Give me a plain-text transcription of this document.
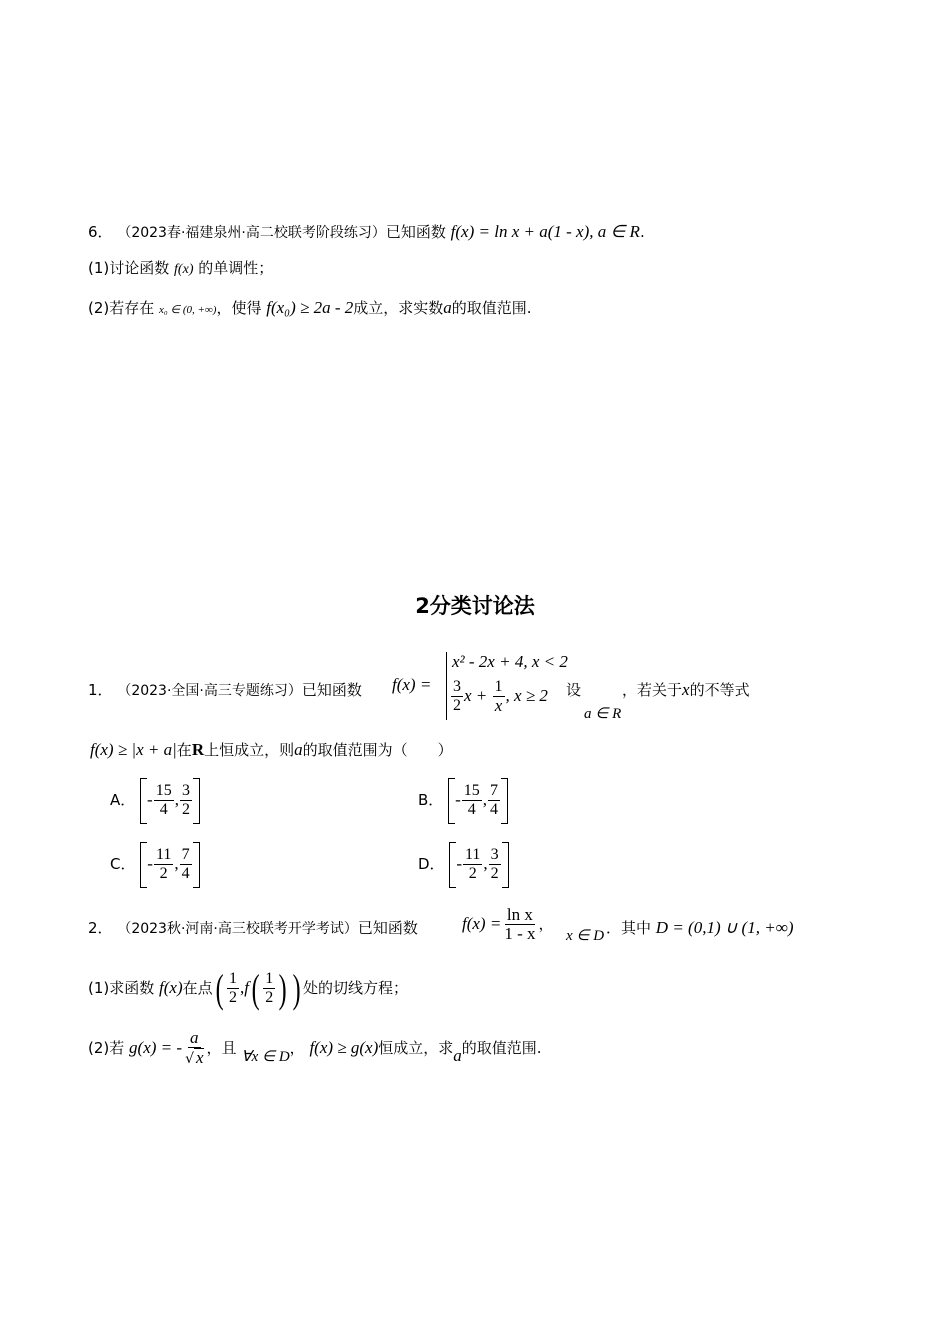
6． （2023春·福建泉州·高二校联考阶段练习）已知函数 f(x) = ln x + a(1 - x), a ∈ R.
(1)讨论函数 f(x) 的单调性；
(2)若存在 x₀ ∈ (0, +∞)，使得 f(x₀) ≥ 2a - 2成立，求实数a的取值范围.
2分类讨论法
1． （2023·全国·高三专题练习）已知函数 f(x) =
x² - 2x + 4, x < 2
$\frac{3}{2}$ $x + \frac{1}{x}$ , x ≥ 2 设
a ∈ R
，若关于x的不等式
f(x) ≥ |x + a|在R上恒成立，则a的取值范围为（　　）
A． - $\frac{15}{4}$ , $\frac{3}{2}$	B． - $\frac{15}{4}$ , $\frac{7}{4}$
C． - $\frac{11}{2}$ , $\frac{7}{4}$	D． - $\frac{11}{2}$ , $\frac{3}{2}$
2． （2023秋·河南·高三校联考开学考试）已知函数	$f(x) = \frac{\text{ln x}}{1 - x}$ ，
x ∈ D ．其中 D = (0,1) ∪ (1, +∞)
(1)求函数 f(x)在点( $\frac{1}{2} ,f( \frac{1}{2}$ ) ) 处的切线方程；
(2)若 g(x) = - $\frac{a}{√ x}$ ，且 ∀x ∈ D， f(x) ≥ g(x)恒成立，求a的取值范围.
